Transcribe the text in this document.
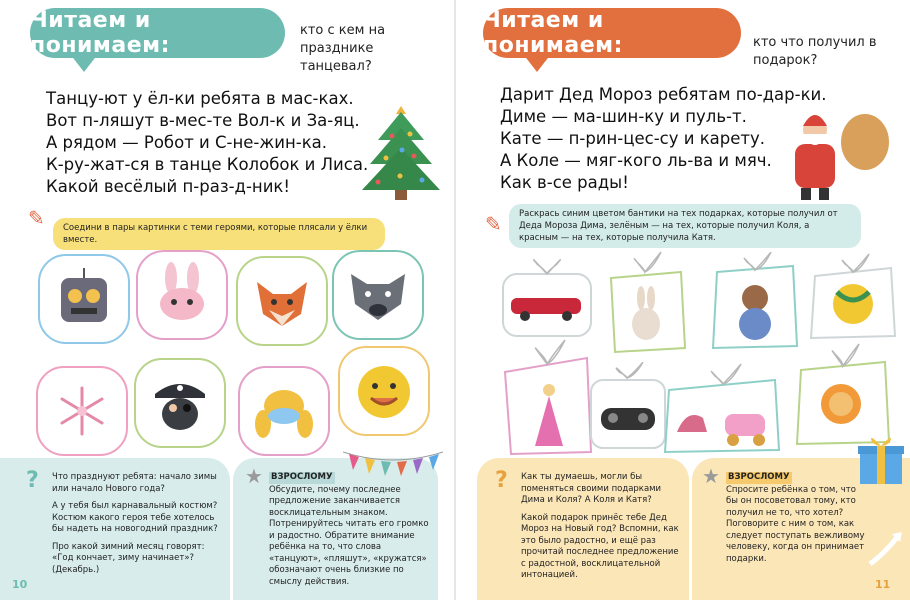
Читаем и понимаем:
кто с кем на празднике танцевал?
Танцу-ют у ёл-ки ребята в мас-ках.
Вот п-ляшут в-мес-те Вол-к и За-яц.
А рядом — Робот и С-не-жин-ка.
К-ру-жат-ся в танце Колобок и Лиса.
Какой весёлый п-раз-д-ник!
✎	Соедини в пары картинки с теми героями, которые плясали у ёлки вместе.
? Что празднуют ребята: начало зимы или начало Нового года?

А у тебя был карнавальный костюм? Костюм какого героя тебе хотелось бы надеть на новогодний праздник?

Про какой зимний месяц говорят: «Год кончает, зиму начинает»? (Декабрь.)

★ ВЗРОСЛОМУ

Обсудите, почему последнее предложение заканчивается восклицательным знаком. Потренируйтесь читать его громко и радостно. Обратите внимание ребёнка на то, что слова «танцуют», «пляшут», «кружатся» обозначают очень близкие по смыслу действия.

10
Читаем и понимаем:	кто что получил в подарок?
Дарит Дед Мороз ребятам по-дар-ки.
Диме — ма-шин-ку и пуль-т.
Кате — п-рин-цес-су и карету.
А Коле — мяг-кого ль-ва и мяч.
Как в-се рады!
✎	Раскрась синим цветом бантики на тех подарках, которые получил от Деда Мороза Дима, зелёным — на тех, которые получил Коля, а красным — на тех, которые получила Катя.
? Как ты думаешь, могли бы поменяться своими подарками Дима и Коля? А Коля и Катя?

Какой подарок принёс тебе Дед Мороз на Новый год? Вспомни, как это было радостно, и ещё раз прочитай последнее предложение с радостной, восклицательной интонацией.

★ ВЗРОСЛОМУ

Спросите ребёнка о том, что бы он посоветовал тому, кто получил не то, что хотел? Поговорите с ним о том, как следует поступать вежливому человеку, когда он принимает подарки.

11
